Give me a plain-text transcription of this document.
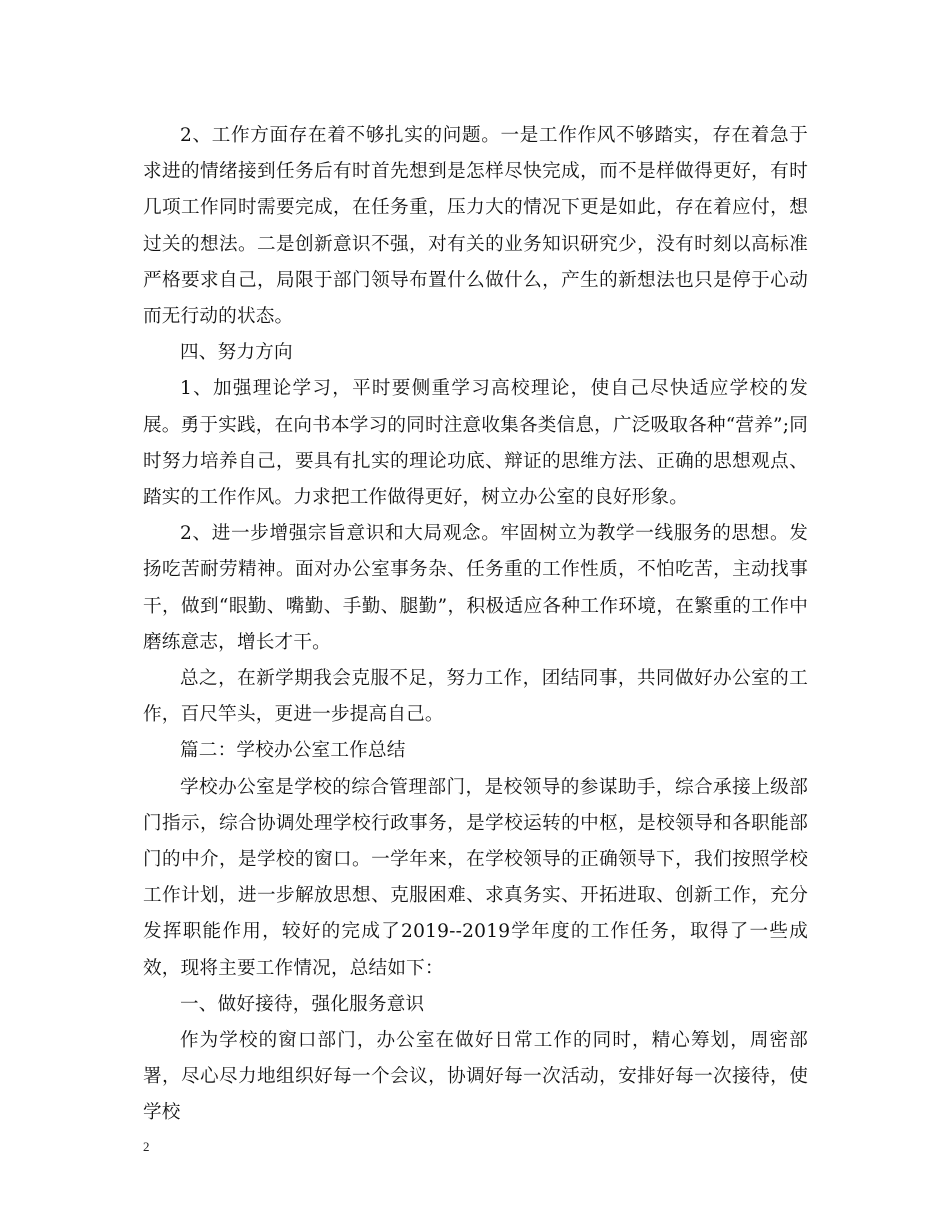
2、工作方面存在着不够扎实的问题。一是工作作风不够踏实，存在着急于求进的情绪接到任务后有时首先想到是怎样尽快完成，而不是样做得更好，有时几项工作同时需要完成，在任务重，压力大的情况下更是如此，存在着应付，想过关的想法。二是创新意识不强，对有关的业务知识研究少，没有时刻以高标准严格要求自己，局限于部门领导布置什么做什么，产生的新想法也只是停于心动而无行动的状态。

四、努力方向

1、加强理论学习，平时要侧重学习高校理论，使自己尽快适应学校的发展。勇于实践，在向书本学习的同时注意收集各类信息，广泛吸取各种“营养”;同时努力培养自己，要具有扎实的理论功底、辩证的思维方法、正确的思想观点、踏实的工作作风。力求把工作做得更好，树立办公室的良好形象。

2、进一步增强宗旨意识和大局观念。牢固树立为教学一线服务的思想。发扬吃苦耐劳精神。面对办公室事务杂、任务重的工作性质，不怕吃苦，主动找事干，做到“眼勤、嘴勤、手勤、腿勤”，积极适应各种工作环境，在繁重的工作中磨练意志，增长才干。

总之，在新学期我会克服不足，努力工作，团结同事，共同做好办公室的工作，百尺竿头，更进一步提高自己。

篇二：学校办公室工作总结

学校办公室是学校的综合管理部门，是校领导的参谋助手，综合承接上级部门指示，综合协调处理学校行政事务，是学校运转的中枢，是校领导和各职能部门的中介，是学校的窗口。一学年来，在学校领导的正确领导下，我们按照学校工作计划，进一步解放思想、克服困难、求真务实、开拓进取、创新工作，充分发挥职能作用，较好的完成了2019--2019学年度的工作任务，取得了一些成效，现将主要工作情况，总结如下：

一、做好接待，强化服务意识

作为学校的窗口部门，办公室在做好日常工作的同时，精心筹划，周密部署，尽心尽力地组织好每一个会议，协调好每一次活动，安排好每一次接待，使学校

2
